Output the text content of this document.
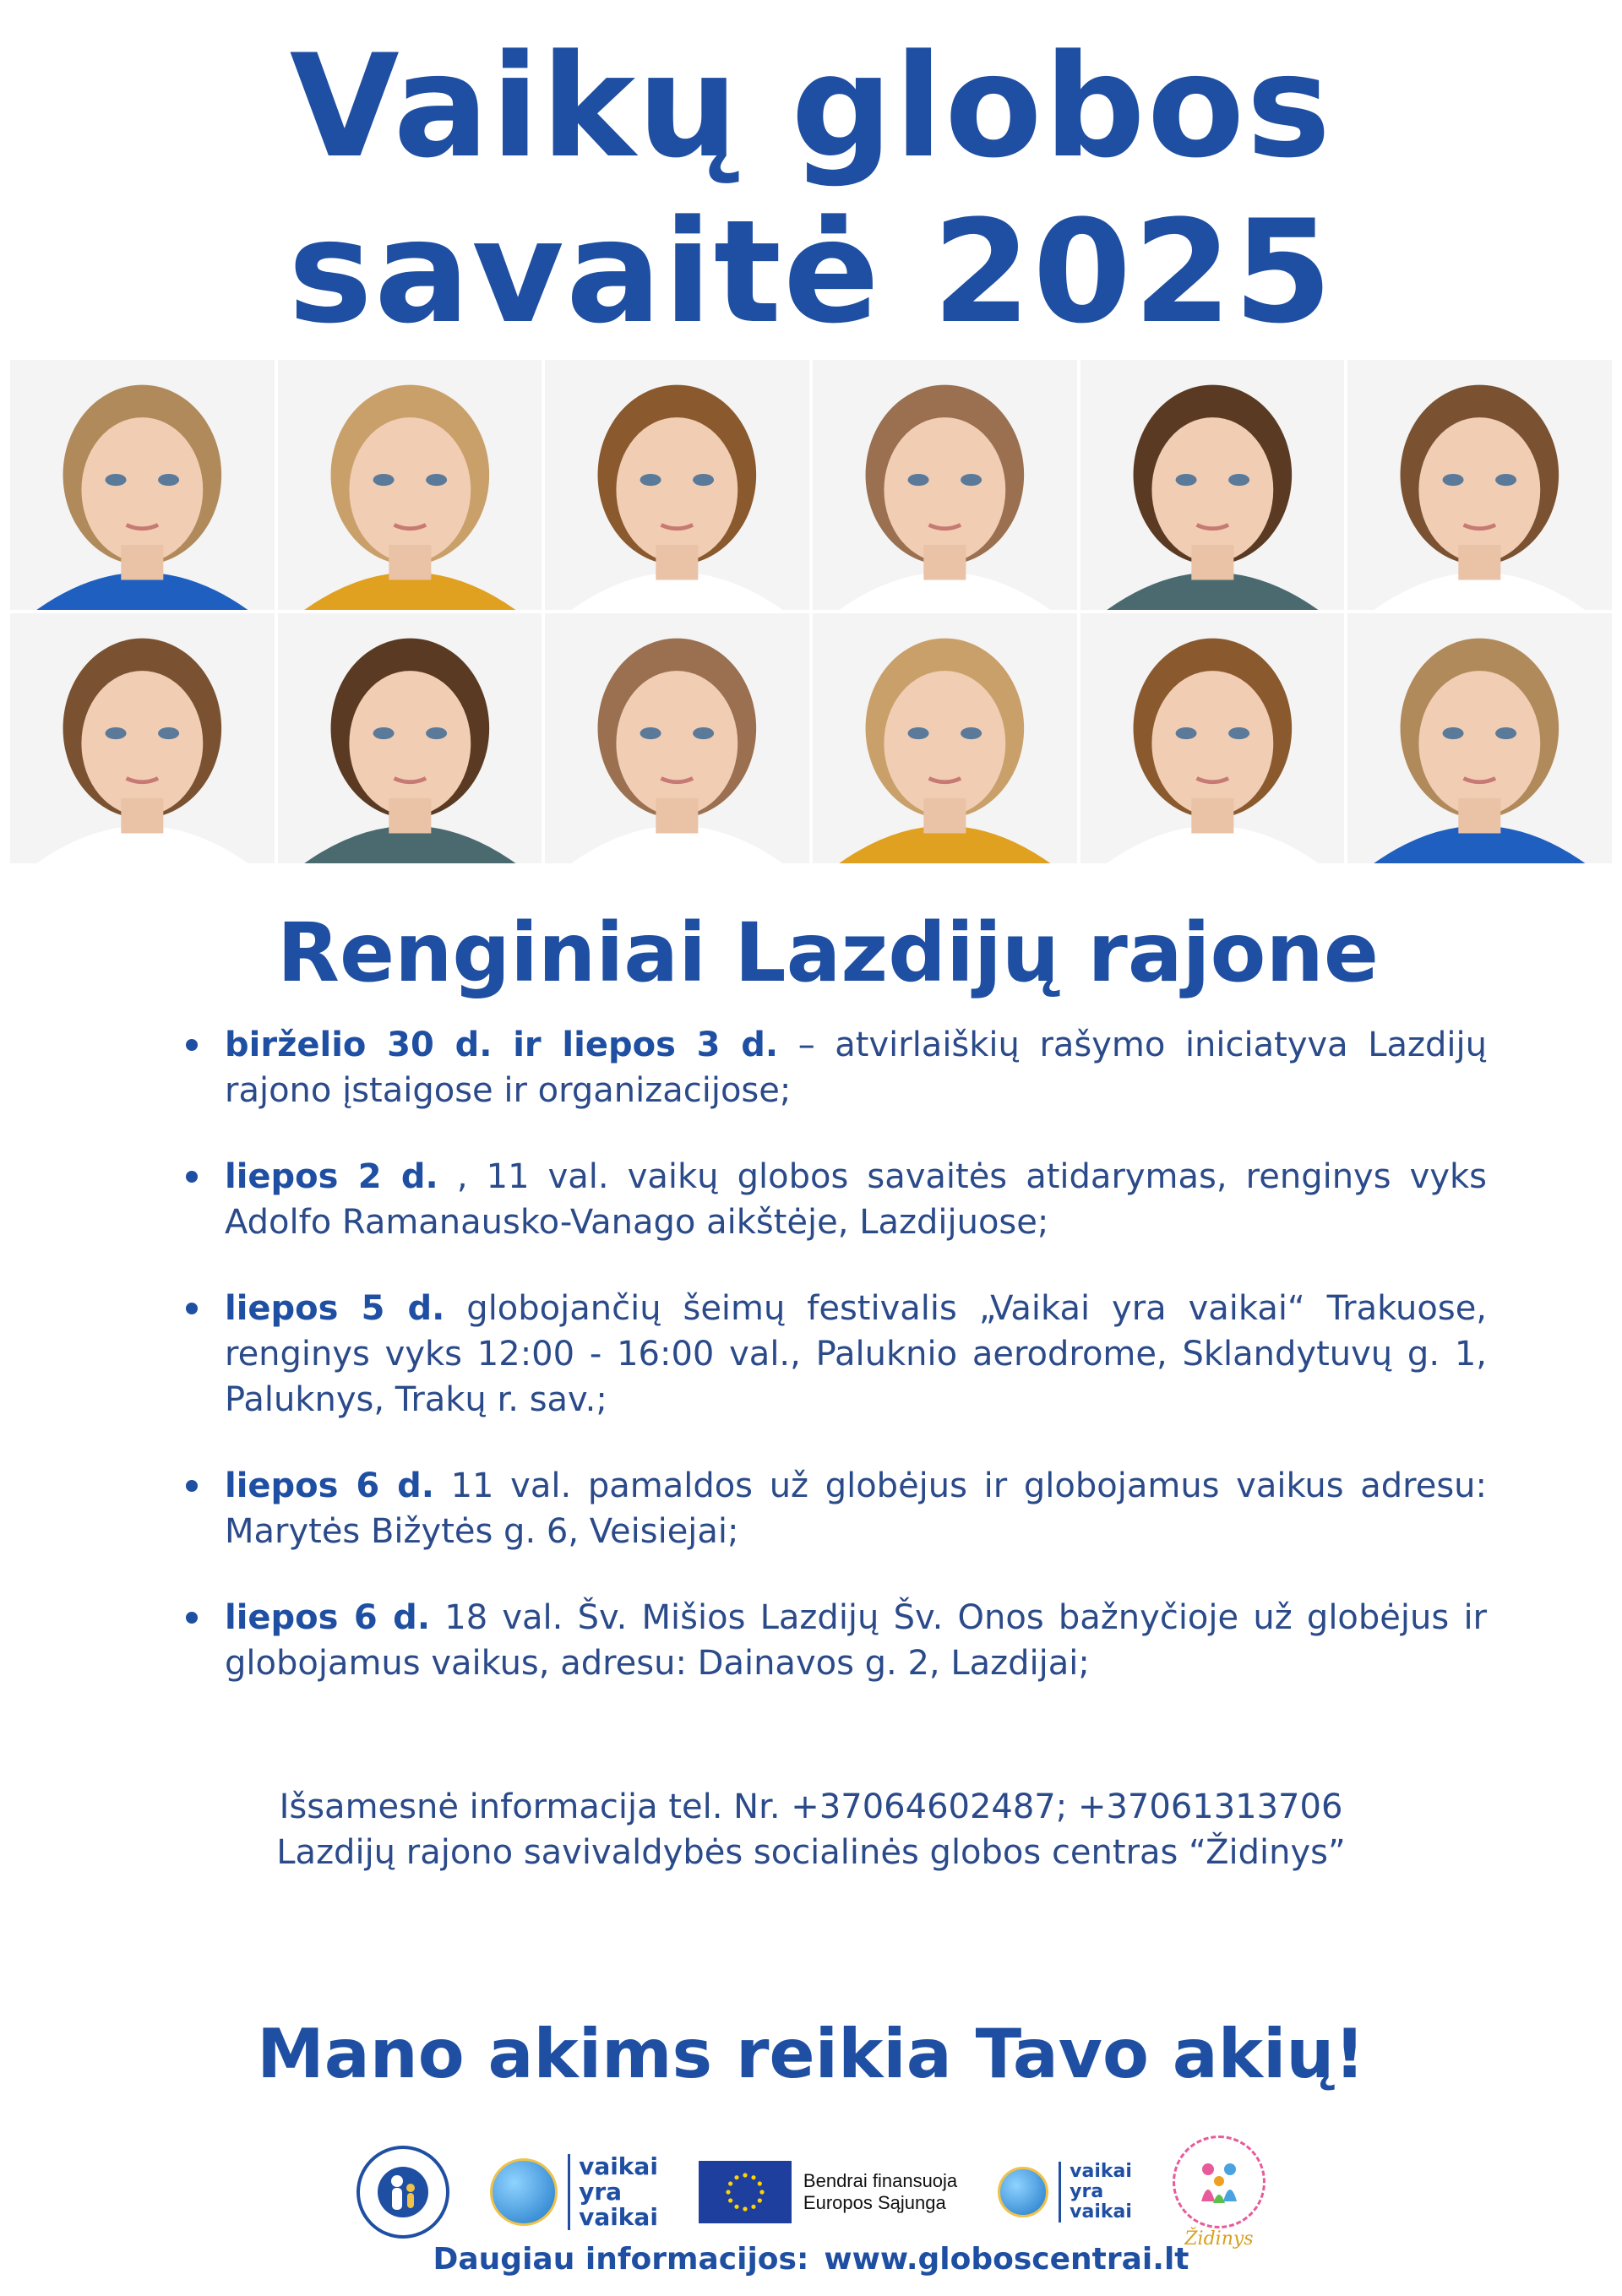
Vaikų globos
savaitė 2025
Renginiai Lazdijų rajone
birželio 30 d. ir liepos 3 d. – atvirlaiškių rašymo iniciatyva Lazdijų rajono įstaigose ir organizacijose;
liepos 2 d. , 11 val. vaikų globos savaitės atidarymas, renginys vyks Adolfo Ramanausko-Vanago aikštėje, Lazdijuose;
liepos 5 d. globojančių šeimų festivalis „Vaikai yra vaikai“ Trakuose, renginys vyks 12:00 - 16:00 val., Paluknio aerodrome, Sklandytuvų g. 1, Paluknys, Trakų r. sav.;
liepos 6 d. 11 val. pamaldos už globėjus ir globojamus vaikus adresu: Marytės Bižytės g. 6, Veisiejai;
liepos 6 d. 18 val. Šv. Mišios Lazdijų Šv. Onos bažnyčioje už globėjus ir globojamus vaikus, adresu: Dainavos g. 2, Lazdijai;
Išsamesnė informacija tel. Nr. +37064602487; +37061313706
Lazdijų rajono savivaldybės socialinės globos centras “Židinys”
Mano akims reikia Tavo akių!
vaikai
yra
vaikai
Bendrai finansuoja
Europos Sąjunga
vaikai
yra
vaikai
Židinys
Daugiau informacijos: www.globoscentrai.lt
